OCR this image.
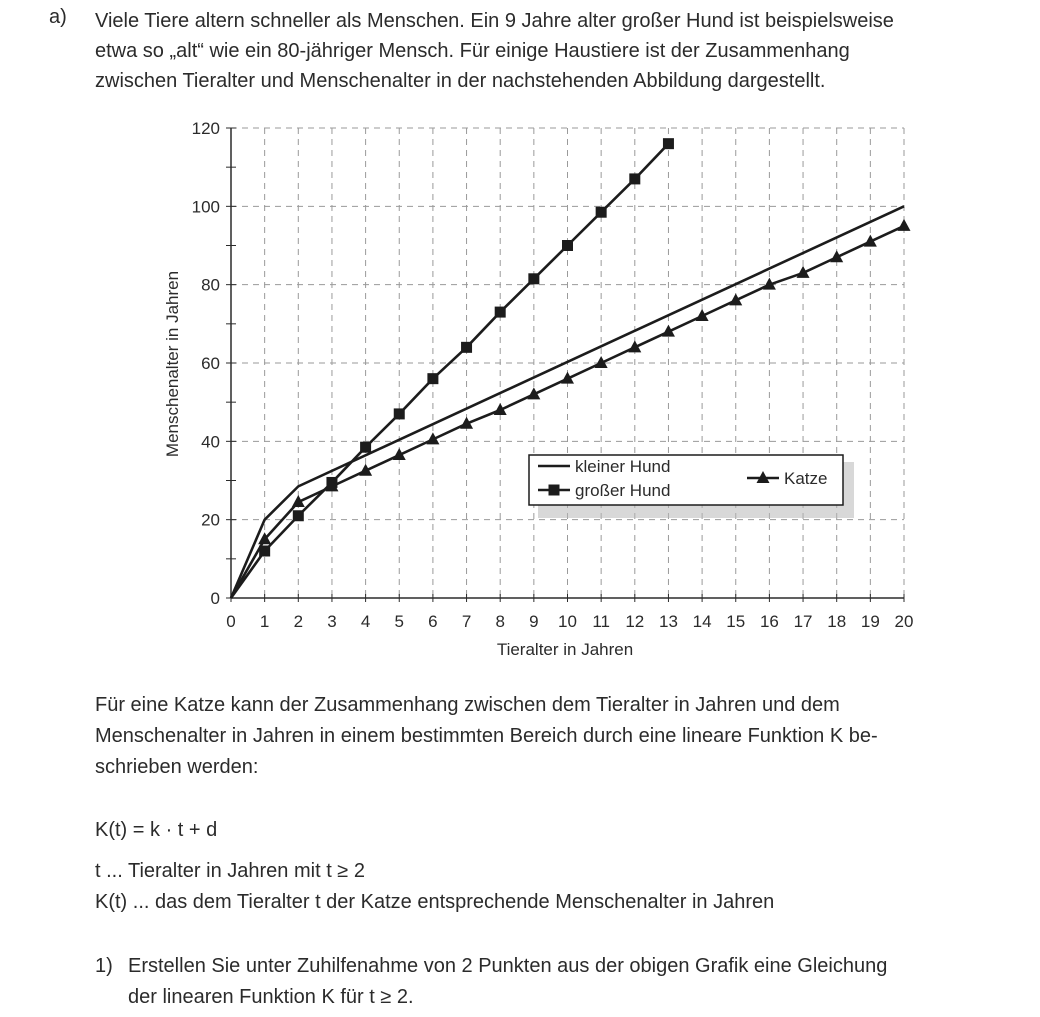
a) Viele Tiere altern schneller als Menschen. Ein 9 Jahre alter großer Hund ist beispielsweise
etwa so „alt“ wie ein 80-jähriger Mensch. Für einige Haustiere ist der Zusammenhang
zwischen Tieralter und Menschenalter in der nachstehenden Abbildung dargestellt.
0 1 2 3 4 5 6 7 8 9 10 11 12 13 14 15 16 17 18 19 20
0
20
40
60
80
100
120
kleiner Hund
großer Hund
Katze
Tieralter in Jahren
Menschenalter in Jahren
Für eine Katze kann der Zusammenhang zwischen dem Tieralter in Jahren und dem
Menschenalter in Jahren in einem bestimmten Bereich durch eine lineare Funktion K be-
schrieben werden:
K(t) = k · t + d
t ... Tieralter in Jahren mit t ≥ 2
K(t) ... das dem Tieralter t der Katze entsprechende Menschenalter in Jahren
1) Erstellen Sie unter Zuhilfenahme von 2 Punkten aus der obigen Grafik eine Gleichung
der linearen Funktion K für t ≥ 2.
